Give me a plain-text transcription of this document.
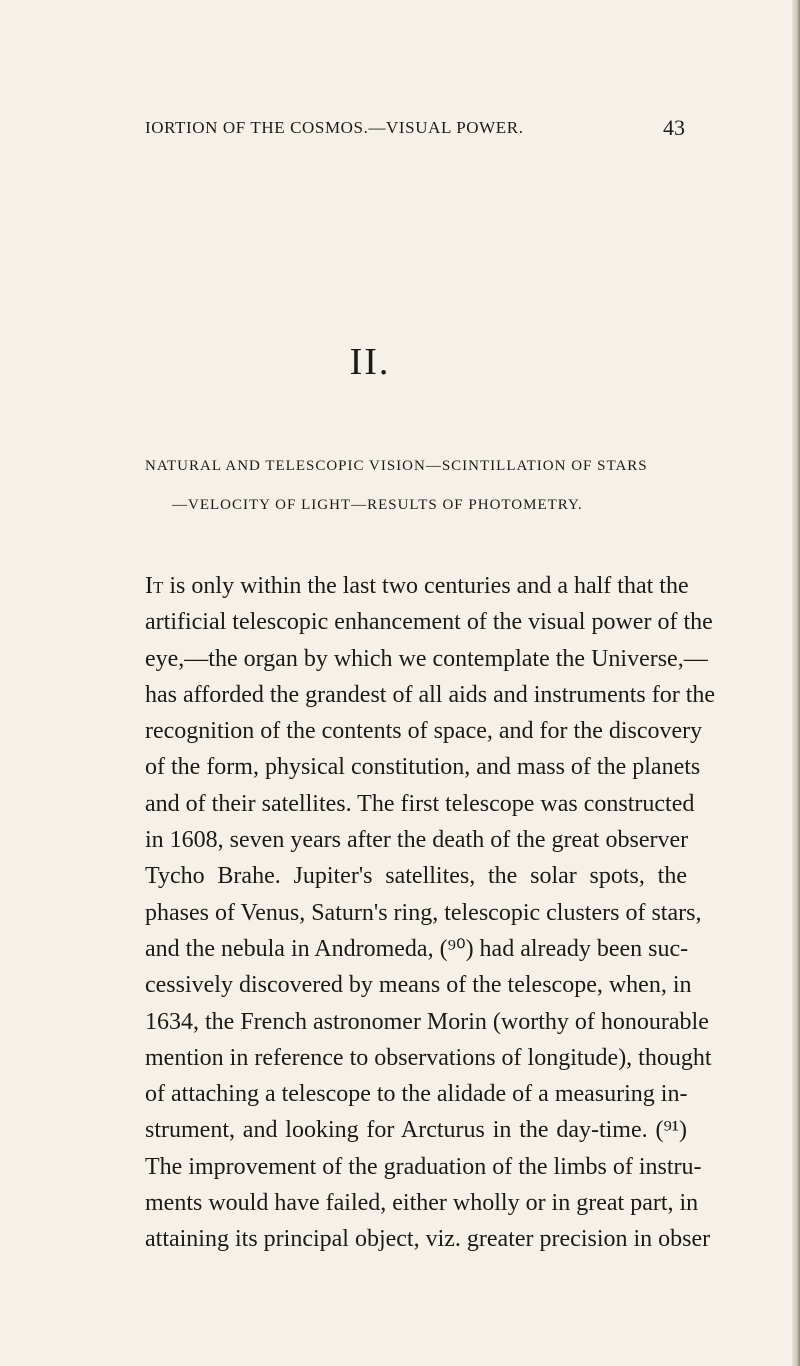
IORTION OF THE COSMOS.—VISUAL POWER.	43
II.
NATURAL AND TELESCOPIC VISION—SCINTILLATION OF STARS
—VELOCITY OF LIGHT—RESULTS OF PHOTOMETRY.
It is only within the last two centuries and a half that the
artificial telescopic enhancement of the visual power of the
eye,—the organ by which we contemplate the Universe,—
has afforded the grandest of all aids and instruments for the
recognition of the contents of space, and for the discovery
of the form, physical constitution, and mass of the planets
and of their satellites. The first telescope was constructed
in 1608, seven years after the death of the great observer
Tycho Brahe. Jupiter's satellites, the solar spots, the
phases of Venus, Saturn's ring, telescopic clusters of stars,
and the nebula in Andromeda, (⁹⁰) had already been suc-
cessively discovered by means of the telescope, when, in
1634, the French astronomer Morin (worthy of honourable
mention in reference to observations of longitude), thought
of attaching a telescope to the alidade of a measuring in-
strument, and looking for Arcturus in the day-time. (⁹¹)
The improvement of the graduation of the limbs of instru-
ments would have failed, either wholly or in great part, in
attaining its principal object, viz. greater precision in obser
